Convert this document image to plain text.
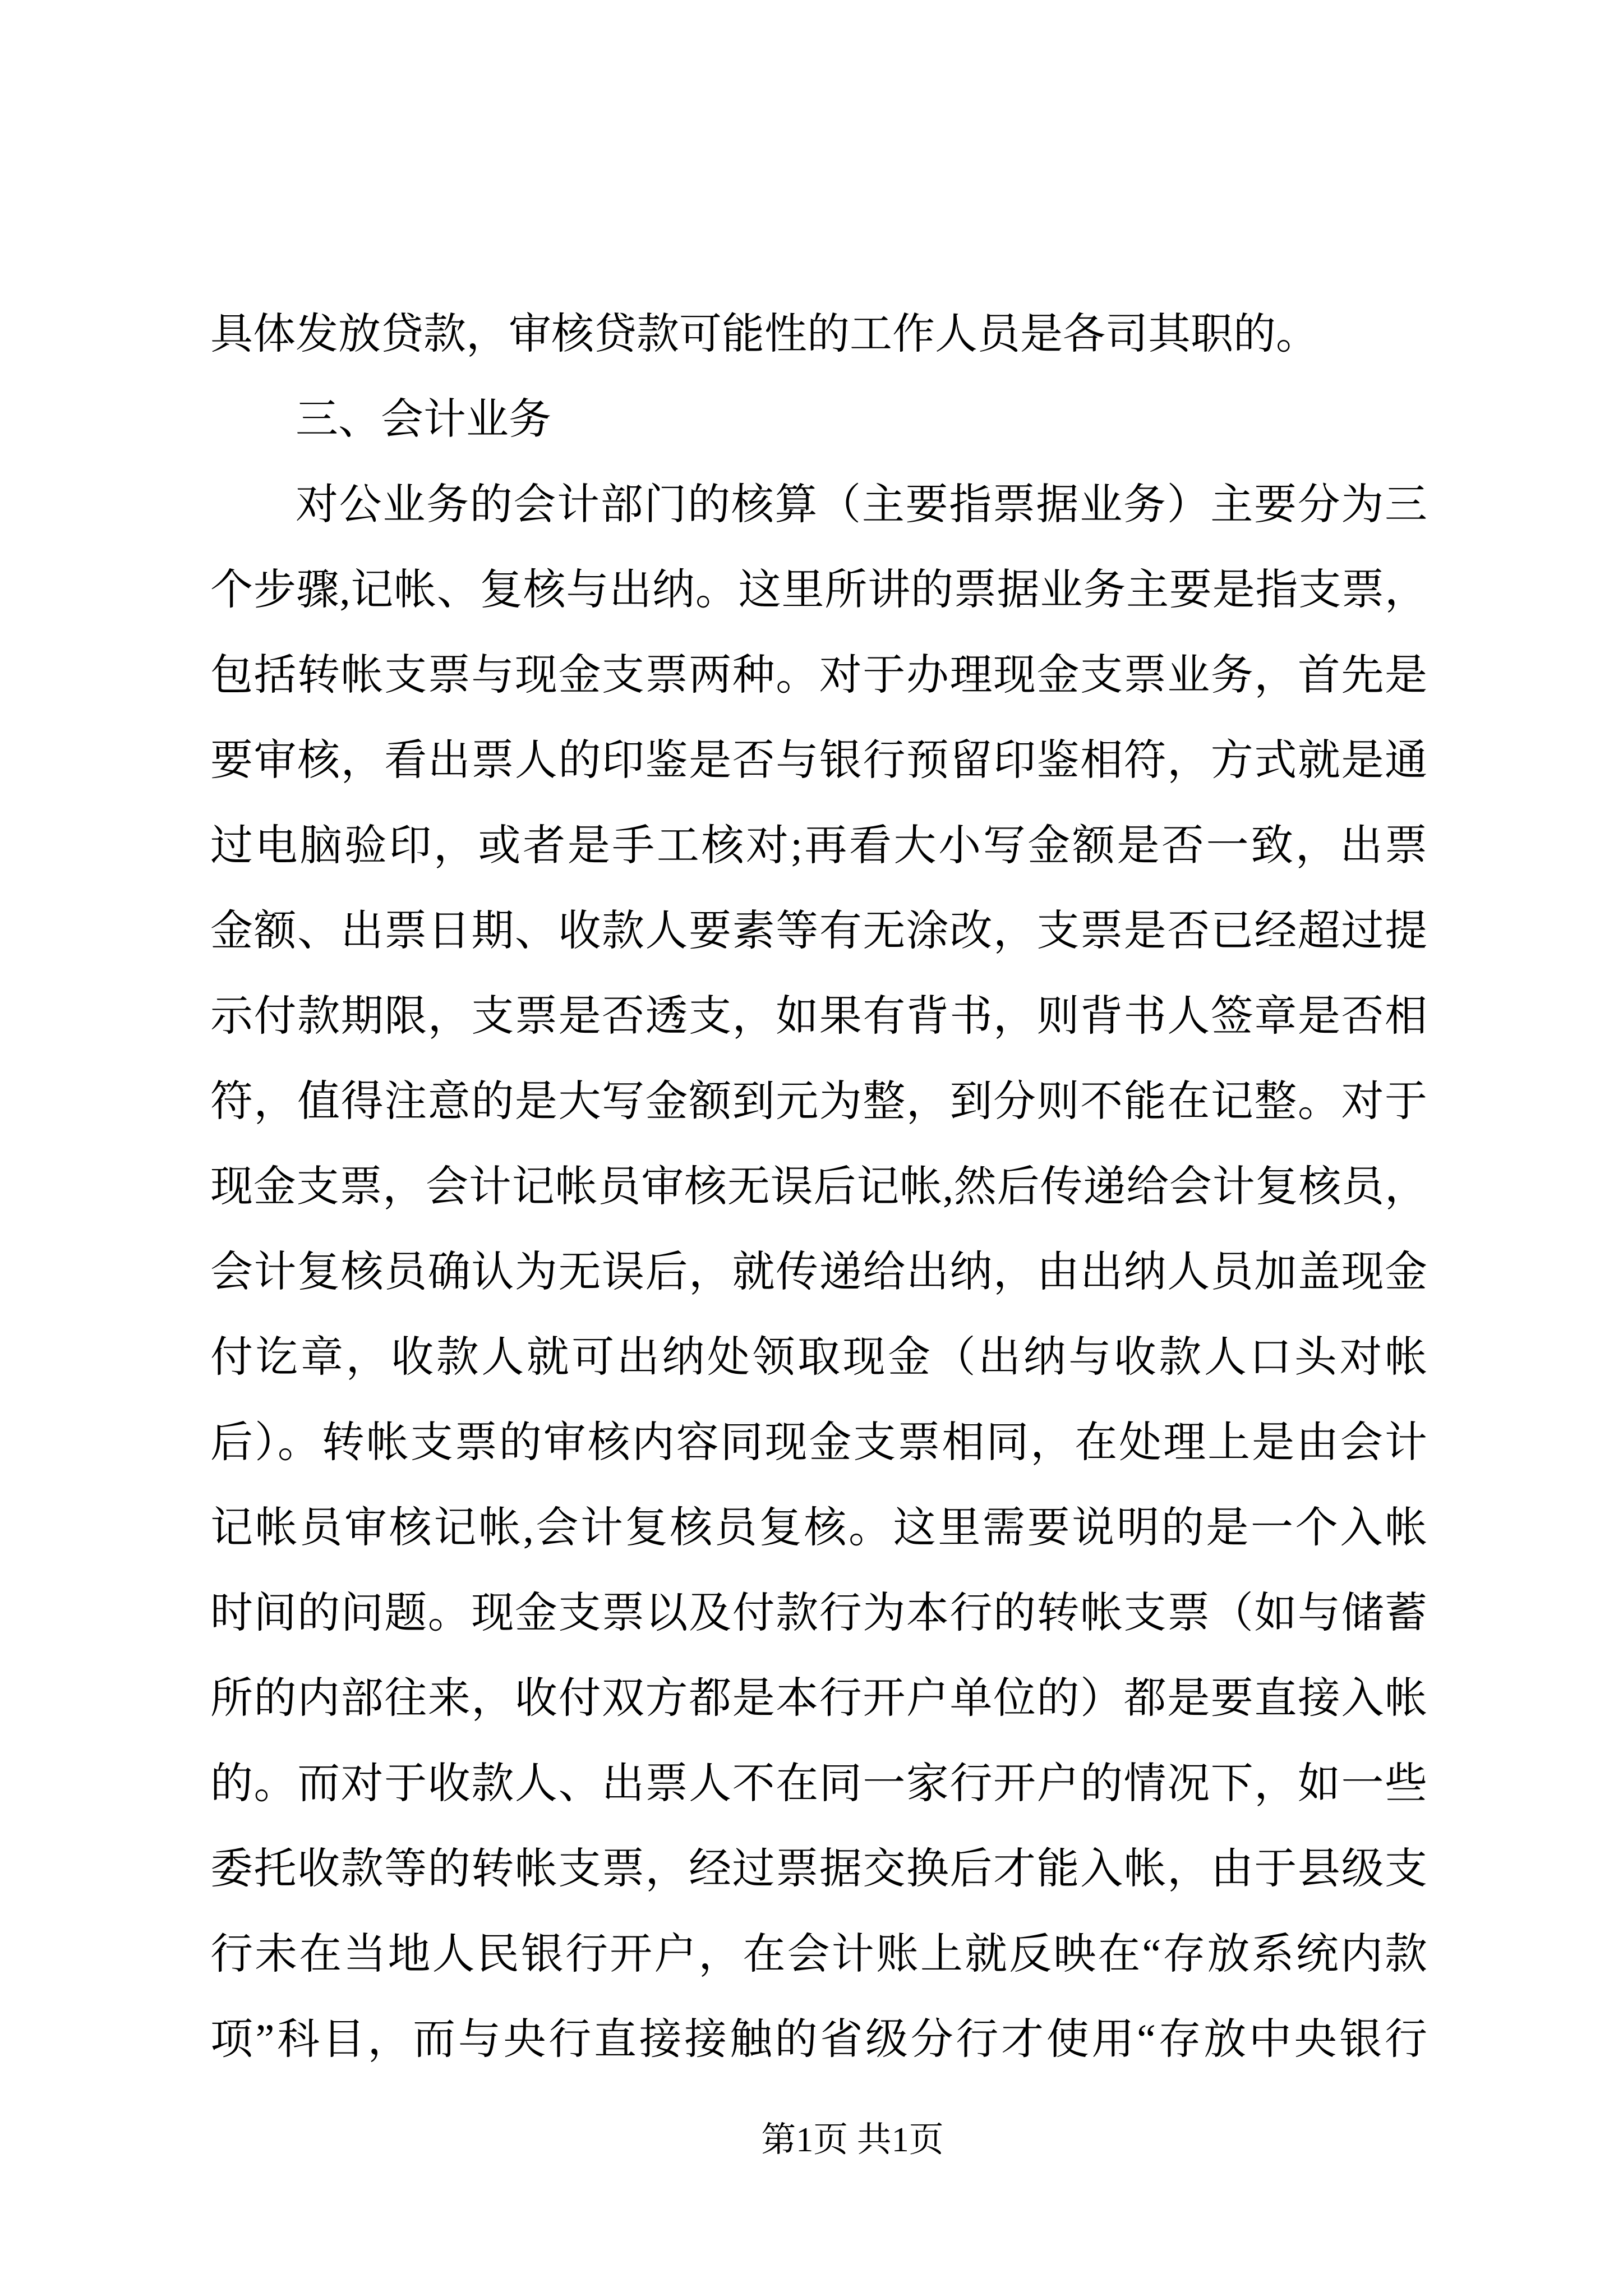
具体发放贷款，审核贷款可能性的工作人员是各司其职的。
三、会计业务
对公业务的会计部门的核算（主要指票据业务）主要分为三
个步骤,记帐、复核与出纳。这里所讲的票据业务主要是指支票，
包括转帐支票与现金支票两种。对于办理现金支票业务，首先是
要审核，看出票人的印鉴是否与银行预留印鉴相符，方式就是通
过电脑验印，或者是手工核对;再看大小写金额是否一致，出票
金额、出票日期、收款人要素等有无涂改，支票是否已经超过提
示付款期限，支票是否透支，如果有背书，则背书人签章是否相
符，值得注意的是大写金额到元为整，到分则不能在记整。对于
现金支票，会计记帐员审核无误后记帐,然后传递给会计复核员，
会计复核员确认为无误后，就传递给出纳，由出纳人员加盖现金
付讫章，收款人就可出纳处领取现金（出纳与收款人口头对帐
后）。转帐支票的审核内容同现金支票相同，在处理上是由会计
记帐员审核记帐,会计复核员复核。这里需要说明的是一个入帐
时间的问题。现金支票以及付款行为本行的转帐支票（如与储蓄
所的内部往来，收付双方都是本行开户单位的）都是要直接入帐
的。而对于收款人、出票人不在同一家行开户的情况下，如一些
委托收款等的转帐支票，经过票据交换后才能入帐，由于县级支
行未在当地人民银行开户，在会计账上就反映在“存放系统内款
项”科目，而与央行直接接触的省级分行才使用“存放中央银行
第1页 共1页
